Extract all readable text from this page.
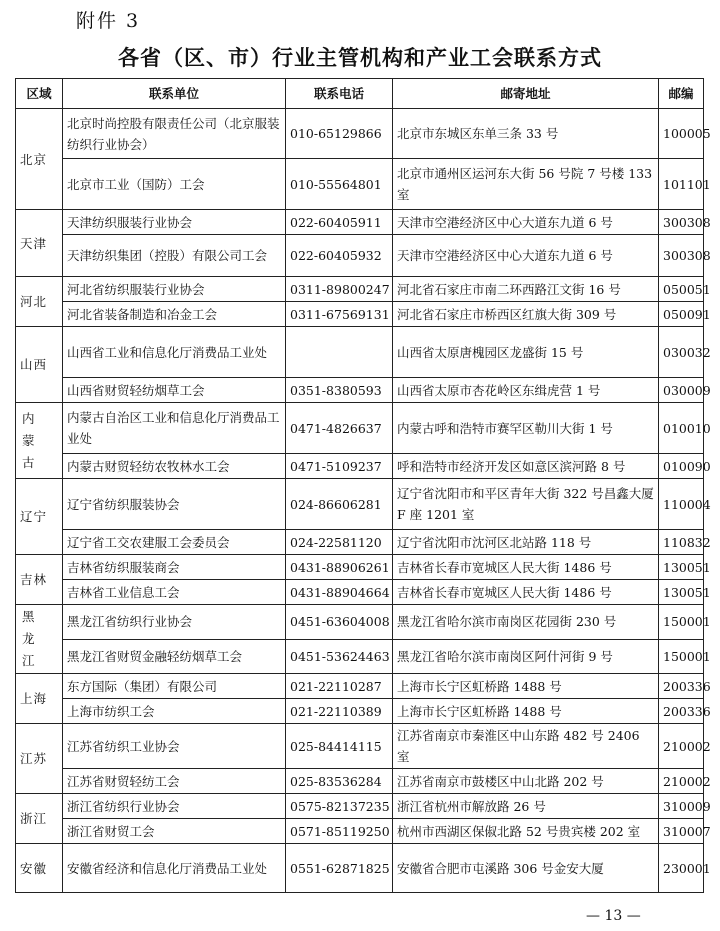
附件 3
各省（区、市）行业主管机构和产业工会联系方式
区域	联系单位	联系电话	邮寄地址	邮编
北京	北京时尚控股有限责任公司（北京服装纺织行业协会）	010-65129866	北京市东城区东单三条 33 号	100005
	北京市工业（国防）工会	010-55564801	北京市通州区运河东大街 56 号院 7 号楼 133 室	101101
天津	天津纺织服装行业协会	022-60405911	天津市空港经济区中心大道东九道 6 号	300308
	天津纺织集团（控股）有限公司工会	022-60405932	天津市空港经济区中心大道东九道 6 号	300308
河北	河北省纺织服装行业协会	0311-89800247	河北省石家庄市南二环西路江文街 16 号	050051
	河北省装备制造和冶金工会	0311-67569131	河北省石家庄市桥西区红旗大街 309 号	050091
山西	山西省工业和信息化厅消费品工业处		山西省太原唐槐园区龙盛街 15 号	030032
	山西省财贸轻纺烟草工会	0351-8380593	山西省太原市杏花岭区东缉虎营 1 号	030009
内蒙古	内蒙古自治区工业和信息化厅消费品工业处	0471-4826637	内蒙古呼和浩特市赛罕区勒川大街 1 号	010010
	内蒙古财贸轻纺农牧林水工会	0471-5109237	呼和浩特市经济开发区如意区滨河路 8 号	010090
辽宁	辽宁省纺织服装协会	024-86606281	辽宁省沈阳市和平区青年大街 322 号昌鑫大厦 F 座 1201 室	110004
	辽宁省工交农建服工会委员会	024-22581120	辽宁省沈阳市沈河区北站路 118 号	110832
吉林	吉林省纺织服装商会	0431-88906261	吉林省长春市宽城区人民大街 1486 号	130051
	吉林省工业信息工会	0431-88904664	吉林省长春市宽城区人民大街 1486 号	130051
黑龙江	黑龙江省纺织行业协会	0451-63604008	黑龙江省哈尔滨市南岗区花园街 230 号	150001
	黑龙江省财贸金融轻纺烟草工会	0451-53624463	黑龙江省哈尔滨市南岗区阿什河街 9 号	150001
上海	东方国际（集团）有限公司	021-22110287	上海市长宁区虹桥路 1488 号	200336
	上海市纺织工会	021-22110389	上海市长宁区虹桥路 1488 号	200336
江苏	江苏省纺织工业协会	025-84414115	江苏省南京市秦淮区中山东路 482 号 2406 室	210002
	江苏省财贸轻纺工会	025-83536284	江苏省南京市鼓楼区中山北路 202 号	210002
浙江	浙江省纺织行业协会	0575-82137235	浙江省杭州市解放路 26 号	310009
	浙江省财贸工会	0571-85119250	杭州市西湖区保俶北路 52 号贵宾楼 202 室	310007
安徽	安徽省经济和信息化厅消费品工业处	0551-62871825	安徽省合肥市屯溪路 306 号金安大厦	230001
— 13 —
